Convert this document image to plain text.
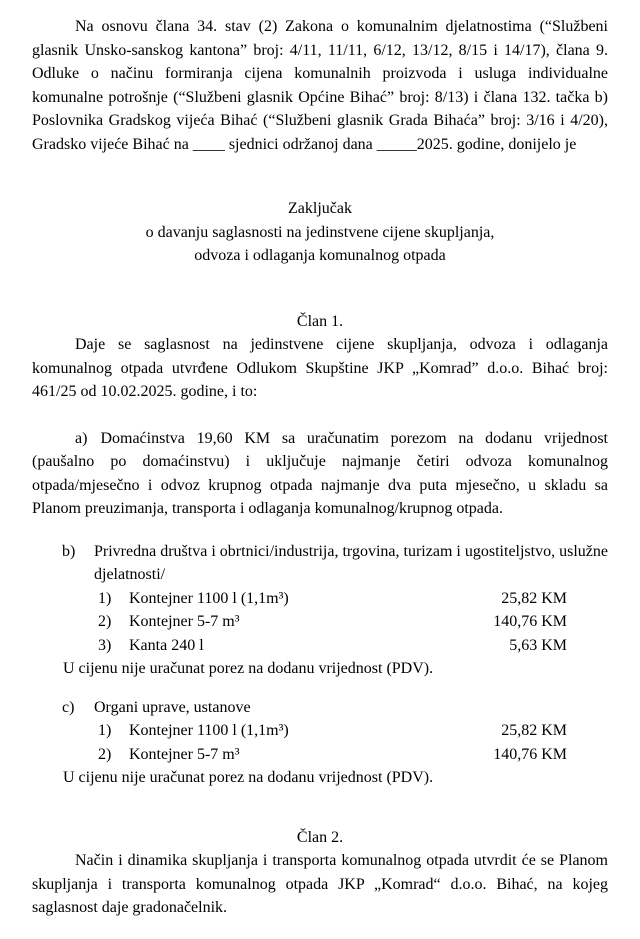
Na osnovu člana 34. stav (2) Zakona o komunalnim djelatnostima (“Službeni glasnik Unsko-sanskog kantona” broj: 4/11, 11/11, 6/12, 13/12, 8/15 i 14/17), člana 9. Odluke o načinu formiranja cijena komunalnih proizvoda i usluga individualne komunalne potrošnje (“Službeni glasnik Općine Bihać” broj: 8/13) i člana 132. tačka b) Poslovnika Gradskog vijeća Bihać (“Službeni glasnik Grada Bihaća” broj: 3/16 i 4/20), Gradsko vijeće Bihać na ____ sjednici održanoj dana _____2025. godine, donijelo je

Zaključak
o davanju saglasnosti na jedinstvene cijene skupljanja,
odvoza i odlaganja komunalnog otpada
Član 1.

Daje se saglasnost na jedinstvene cijene skupljanja, odvoza i odlaganja komunalnog otpada utvrđene Odlukom Skupštine JKP „Komrad” d.o.o. Bihać broj: 461/25 od 10.02.2025. godine, i to:

a) Domaćinstva 19,60 KM sa uračunatim porezom na dodanu vrijednost (paušalno po domaćinstvu) i uključuje najmanje četiri odvoza komunalnog otpada/mjesečno i odvoz krupnog otpada najmanje dva puta mjesečno, u skladu sa Planom preuzimanja, transporta i odlaganja komunalnog/krupnog otpada.

b) Privredna društva i obrtnici/industrija, trgovina, turizam i ugostiteljstvo, uslužne djelatnosti/
1)	Kontejner 1100 l (1,1m³)	25,82 KM
2)	Kontejner 5-7 m³	140,76 KM
3)	Kanta 240 l	5,63 KM
U cijenu nije uračunat porez na dodanu vrijednost (PDV).
c) Organi uprave, ustanove
1)	Kontejner 1100 l (1,1m³)	25,82 KM
2)	Kontejner 5-7 m³	140,76 KM
U cijenu nije uračunat porez na dodanu vrijednost (PDV).
Član 2.

Način i dinamika skupljanja i transporta komunalnog otpada utvrdit će se Planom skupljanja i transporta komunalnog otpada JKP „Komrad“ d.o.o. Bihać, na kojeg saglasnost daje gradonačelnik.
